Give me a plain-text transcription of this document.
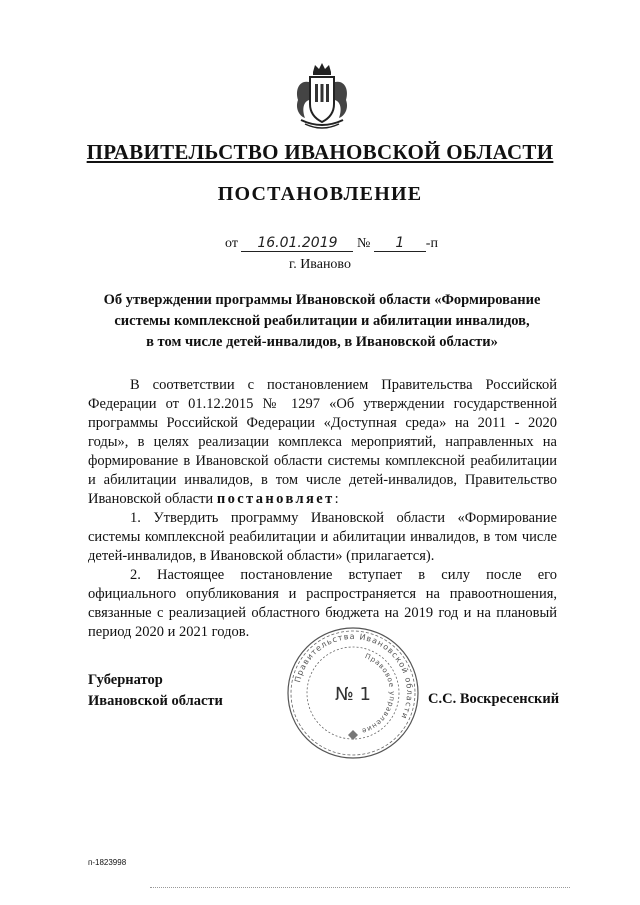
ПРАВИТЕЛЬСТВО ИВАНОВСКОЙ ОБЛАСТИ
ПОСТАНОВЛЕНИЕ
от 16.01.2019 № 1 -п
г. Иваново
Об утверждении программы Ивановской области «Формирование
системы комплексной реабилитации и абилитации инвалидов,
в том числе детей-инвалидов, в Ивановской области»

В соответствии с постановлением Правительства Российской Федерации от 01.12.2015 № 1297 «Об утверждении государственной программы Российской Федерации «Доступная среда» на 2011 - 2020 годы», в целях реализации комплекса мероприятий, направленных на формирование в Ивановской области системы комплексной реабилитации и абилитации инвалидов, в том числе детей-инвалидов, Правительство Ивановской области постановляет:

1. Утвердить программу Ивановской области «Формирование системы комплексной реабилитации и абилитации инвалидов, в том числе детей-инвалидов, в Ивановской области» (прилагается).

2. Настоящее постановление вступает в силу после его официального опубликования и распространяется на правоотношения, связанные с реализацией областного бюджета на 2019 год и на плановый период 2020 и 2021 годов.

Губернатор
Ивановской области
Правительства Ивановской области
Правовое управление
№ 1	С.С. Воскресенский
п-1823998
